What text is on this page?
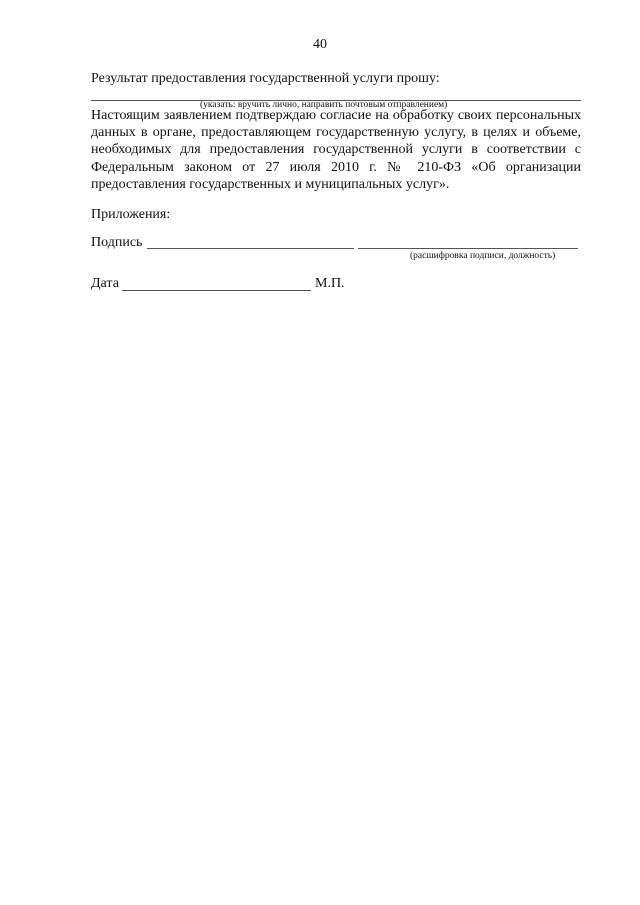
40
Результат предоставления государственной услуги прошу:
(указать: вручить лично, направить почтовым отправлением)
Настоящим заявлением подтверждаю согласие на обработку своих персональных
данных в органе, предоставляющем государственную услугу, в целях и объеме,
необходимых для предоставления государственной услуги в соответствии с
Федеральным законом от 27 июля 2010 г. № 210-ФЗ «Об организации
предоставления государственных и муниципальных услуг».
Приложения:
Подпись
(расшифровка подписи, должность)
Дата	М.П.
